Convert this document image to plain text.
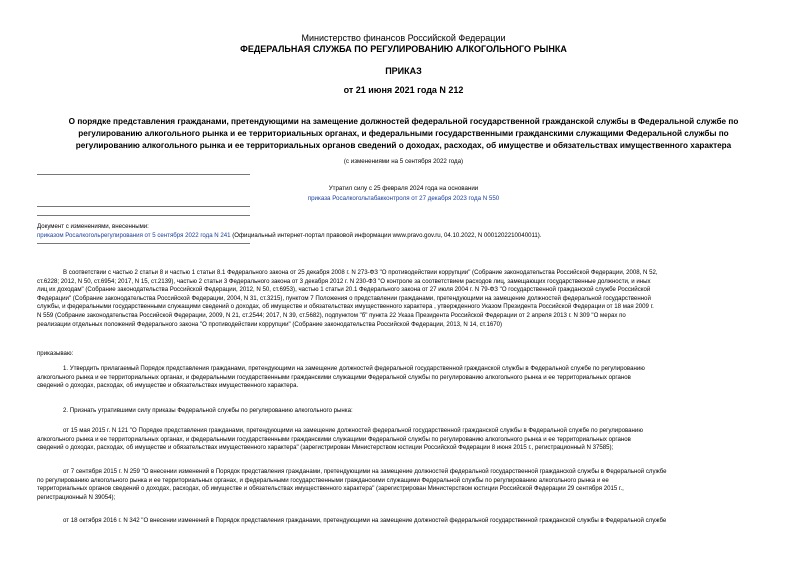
Министерство финансов Российской Федерации
ФЕДЕРАЛЬНАЯ СЛУЖБА ПО РЕГУЛИРОВАНИЮ АЛКОГОЛЬНОГО РЫНКА
ПРИКАЗ
от 21 июня 2021 года N 212
О порядке представления гражданами, претендующими на замещение должностей федеральной государственной гражданской службы в Федеральной службе по
регулированию алкогольного рынка и ее территориальных органах, и федеральными государственными гражданскими служащими Федеральной службы по
регулированию алкогольного рынка и ее территориальных органов сведений о доходах, расходах, об имуществе и обязательствах имущественного характера
(с изменениями на 5 сентября 2022 года)
Утратил силу с 25 февраля 2024 года на основании
приказа Росалкогольтабакконтроля от 27 декабря 2023 года N 550
Документ с изменениями, внесенными:
приказом Росалкогольрегулирования от 5 сентября 2022 года N 241 (Официальный интернет-портал правовой информации www.pravo.gov.ru, 04.10.2022, N 0001202210040011).
В соответствии с частью 2 статьи 8 и частью 1 статьи 8.1 Федерального закона от 25 декабря 2008 г. N 273-ФЗ "О противодействии коррупции" (Собрание законодательства Российской Федерации, 2008, N 52,
ст.6228; 2012, N 50, ст.6954; 2017, N 15, ст.2139), частью 2 статьи 3 Федерального закона от 3 декабря 2012 г. N 230-ФЗ "О контроле за соответствием расходов лиц, замещающих государственные должности, и иных
лиц их доходам" (Собрание законодательства Российской Федерации, 2012, N 50, ст.6953), частью 1 статьи 20.1 Федерального закона от 27 июля 2004 г. N 79-ФЗ "О государственной гражданской службе Российской
Федерации" (Собрание законодательства Российской Федерации, 2004, N 31, ст.3215), пунктом 7 Положения о представлении гражданами, претендующими на замещение должностей федеральной государственной
службы, и федеральными государственными служащими сведений о доходах, об имуществе и обязательствах имущественного характера , утвержденного Указом Президента Российской Федерации от 18 мая 2009 г.
N 559 (Собрание законодательства Российской Федерации, 2009, N 21, ст.2544; 2017, N 39, ст.5682), подпунктом "б" пункта 22 Указа Президента Российской Федерации от 2 апреля 2013 г. N 309 "О мерах по
реализации отдельных положений Федерального закона "О противодействии коррупции" (Собрание законодательства Российской Федерации, 2013, N 14, ст.1670)
приказываю:
1. Утвердить прилагаемый Порядок представления гражданами, претендующими на замещение должностей федеральной государственной гражданской службы в Федеральной службе по регулированию
алкогольного рынка и ее территориальных органах, и федеральными государственными гражданскими служащими Федеральной службы по регулированию алкогольного рынка и ее территориальных органов
сведений о доходах, расходах, об имуществе и обязательствах имущественного характера.
2. Признать утратившими силу приказы Федеральной службы по регулированию алкогольного рынка:
от 15 мая 2015 г. N 121 "О Порядке представления гражданами, претендующими на замещение должностей федеральной государственной гражданской службы в Федеральной службе по регулированию
алкогольного рынка и ее территориальных органах, и федеральными государственными гражданскими служащими Федеральной службы по регулированию алкогольного рынка и ее территориальных органов
сведений о доходах, расходах, об имуществе и обязательствах имущественного характера" (зарегистрирован Министерством юстиции Российской Федерации 8 июня 2015 г., регистрационный N 37585);
от 7 сентября 2015 г. N 259 "О внесении изменений в Порядок представления гражданами, претендующими на замещение должностей федеральной государственной гражданской службы в Федеральной службе
по регулированию алкогольного рынка и ее территориальных органах, и федеральными государственными гражданскими служащими Федеральной службы по регулированию алкогольного рынка и ее
территориальных органов сведений о доходах, расходах, об имуществе и обязательствах имущественного характера" (зарегистрирован Министерством юстиции Российской Федерации 29 сентября 2015 г.,
регистрационный N 39054);
от 18 октября 2016 г. N 342 "О внесении изменений в Порядок представления гражданами, претендующими на замещение должностей федеральной государственной гражданской службы в Федеральной службе
